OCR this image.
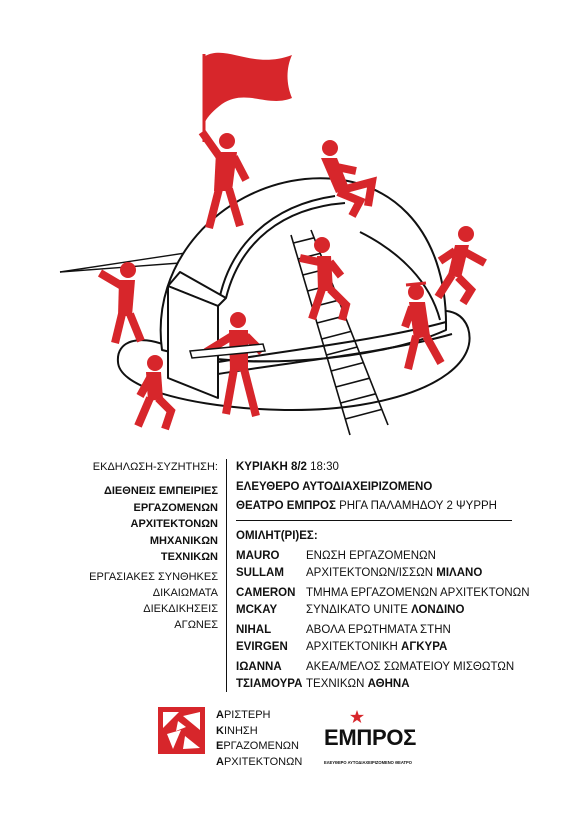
ΕΚΔΗΛΩΣΗ-ΣΥΖΗΤΗΣΗ:
ΔΙΕΘΝΕΙΣ ΕΜΠΕΙΡΙΕΣ
ΕΡΓΑΖΟΜΕΝΩΝ
ΑΡΧΙΤΕΚΤΟΝΩΝ
ΜΗΧΑΝΙΚΩΝ
ΤΕΧΝΙΚΩΝ
ΕΡΓΑΣΙΑΚΕΣ ΣΥΝΘΗΚΕΣ
ΔΙΚΑΙΩΜΑΤΑ
ΔΙΕΚΔΙΚΗΣΕΙΣ
ΑΓΩΝΕΣ
ΚΥΡΙΑΚΗ 8/2 18:30
ΕΛΕΥΘΕΡΟ ΑΥΤΟΔΙΑΧΕΙΡΙΖΟΜΕΝΟ
ΘΕΑΤΡΟ ΕΜΠΡΟΣ ΡΗΓΑ ΠΑΛΑΜΗΔΟΥ 2 ΨΥΡΡΗ
ΟΜΙΛΗΤ(ΡΙ)ΕΣ:
MAURO
SULLAM
ΕΝΩΣΗ ΕΡΓΑΖΟΜΕΝΩΝ
ΑΡΧΙΤΕΚΤΟΝΩΝ/ΙΣΣΩΝ ΜΙΛΑΝΟ
CAMERON
MCKAY
ΤΜΗΜΑ ΕΡΓΑΖΟΜΕΝΩΝ ΑΡΧΙΤΕΚΤΟΝΩΝ
ΣΥΝΔΙΚΑΤΟ UNITE ΛΟΝΔΙΝΟ
NIHAL
EVIRGEN
ΑΒΟΛΑ ΕΡΩΤΗΜΑΤΑ ΣΤΗΝ
ΑΡΧΙΤΕΚΤΟΝΙΚΗ ΑΓΚΥΡΑ
ΙΩΑΝΝΑ
ΤΣΙΑΜΟΥΡΑ
ΑΚΕΑ/ΜΕΛΟΣ ΣΩΜΑΤΕΙΟΥ ΜΙΣΘΩΤΩΝ
ΤΕΧΝΙΚΩΝ ΑΘΗΝΑ
ΑΡΙΣΤΕΡΗ
ΚΙΝΗΣΗ
ΕΡΓΑΖΟΜΕΝΩΝ
ΑΡΧΙΤΕΚΤΟΝΩΝ
ΕΜΠΡΟΣ
ΕΛΕΥΘΕΡΟ ΑΥΤΟΔΙΑΧΕΙΡΙΖΟΜΕΝΟ ΘΕΑΤΡΟ
